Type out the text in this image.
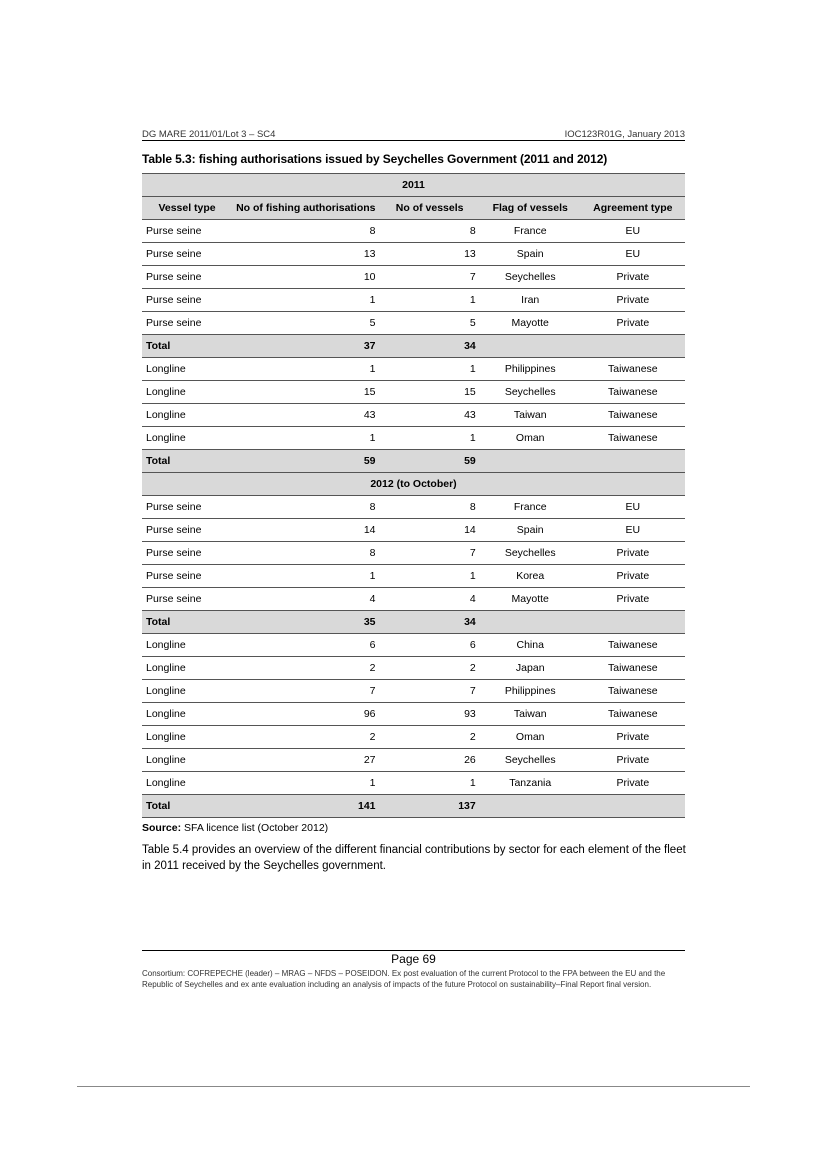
DG MARE 2011/01/Lot 3 – SC4	IOC123R01G, January 2013
Table 5.3: fishing authorisations issued by Seychelles Government (2011 and 2012)
2011				
Vessel type	No of fishing authorisations	No of vessels	Flag of vessels	Agreement type
Purse seine	8	8	France	EU
Purse seine	13	13	Spain	EU
Purse seine	10	7	Seychelles	Private
Purse seine	1	1	Iran	Private
Purse seine	5	5	Mayotte	Private
Total	37	34		
Longline	1	1	Philippines	Taiwanese
Longline	15	15	Seychelles	Taiwanese
Longline	43	43	Taiwan	Taiwanese
Longline	1	1	Oman	Taiwanese
Total	59	59		
2012 (to October)				
Purse seine	8	8	France	EU
Purse seine	14	14	Spain	EU
Purse seine	8	7	Seychelles	Private
Purse seine	1	1	Korea	Private
Purse seine	4	4	Mayotte	Private
Total	35	34		
Longline	6	6	China	Taiwanese
Longline	2	2	Japan	Taiwanese
Longline	7	7	Philippines	Taiwanese
Longline	96	93	Taiwan	Taiwanese
Longline	2	2	Oman	Private
Longline	27	26	Seychelles	Private
Longline	1	1	Tanzania	Private
Total	141	137		
Source: SFA licence list (October 2012)
Table 5.4 provides an overview of the different financial contributions by sector for each element of the fleet in 2011 received by the Seychelles government.
Page 69
Consortium: COFREPECHE (leader) – MRAG – NFDS – POSEIDON. Ex post evaluation of the current Protocol to the FPA between the EU and the Republic of Seychelles and ex ante evaluation including an analysis of impacts of the future Protocol on sustainability–Final Report final version.
